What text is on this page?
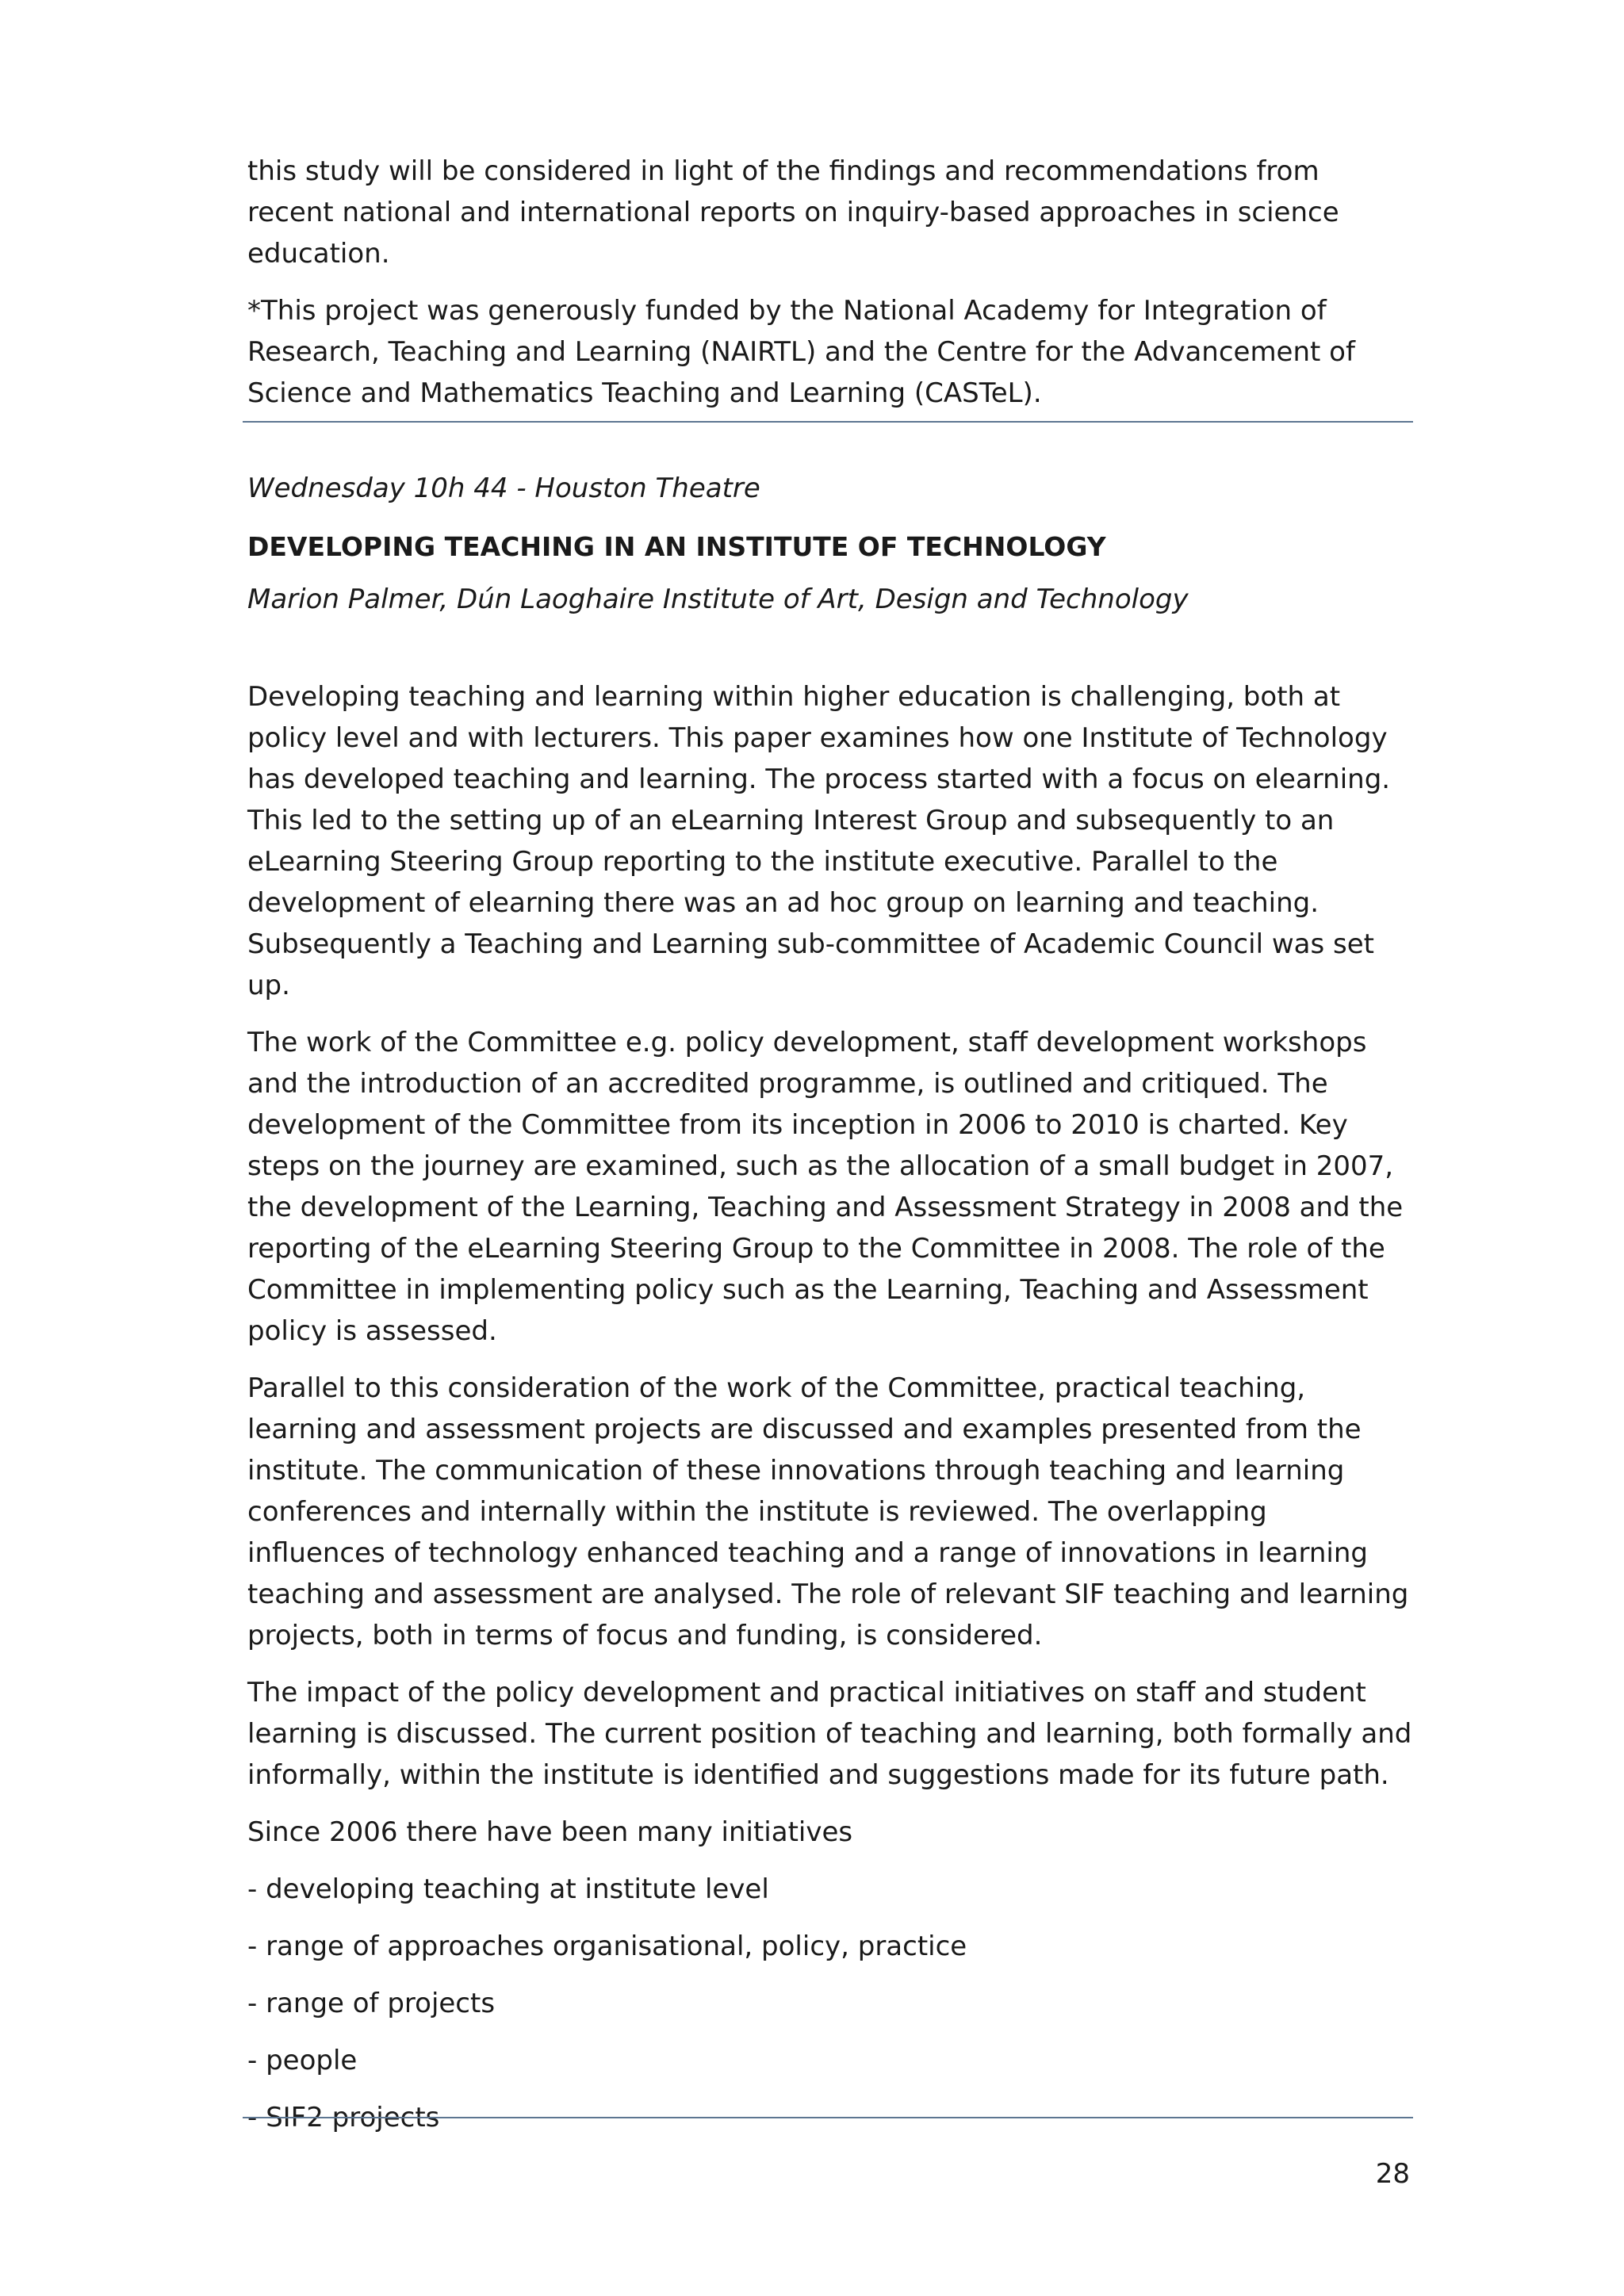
this study will be considered in light of the findings and recommendations from recent national and international reports on inquiry-based approaches in science education.

*This project was generously funded by the National Academy for Integration of Research, Teaching and Learning (NAIRTL) and the Centre for the Advancement of Science and Mathematics Teaching and Learning (CASTeL).

Wednesday 10h 44 - Houston Theatre
DEVELOPING TEACHING IN AN INSTITUTE OF TECHNOLOGY
Marion Palmer, Dún Laoghaire Institute of Art, Design and Technology

Developing teaching and learning within higher education is challenging, both at policy level and with lecturers. This paper examines how one Institute of Technology has developed teaching and learning. The process started with a focus on elearning. This led to the setting up of an eLearning Interest Group and subsequently to an eLearning Steering Group reporting to the institute executive. Parallel to the development of elearning there was an ad hoc group on learning and teaching. Subsequently a Teaching and Learning sub-committee of Academic Council was set up.

The work of the Committee e.g. policy development, staff development workshops and the introduction of an accredited programme, is outlined and critiqued. The development of the Committee from its inception in 2006 to 2010 is charted. Key steps on the journey are examined, such as the allocation of a small budget in 2007, the development of the Learning, Teaching and Assessment Strategy in 2008 and the reporting of the eLearning Steering Group to the Committee in 2008. The role of the Committee in implementing policy such as the Learning, Teaching and Assessment policy is assessed.

Parallel to this consideration of the work of the Committee, practical teaching, learning and assessment projects are discussed and examples presented from the institute. The communication of these innovations through teaching and learning conferences and internally within the institute is reviewed. The overlapping influences of technology enhanced teaching and a range of innovations in learning teaching and assessment are analysed. The role of relevant SIF teaching and learning projects, both in terms of focus and funding, is considered.

The impact of the policy development and practical initiatives on staff and student learning is discussed. The current position of teaching and learning, both formally and informally, within the institute is identified and suggestions made for its future path.

Since 2006 there have been many initiatives

- developing teaching at institute level
- range of approaches organisational, policy, practice
- range of projects
- people
- SIF2 projects
28
